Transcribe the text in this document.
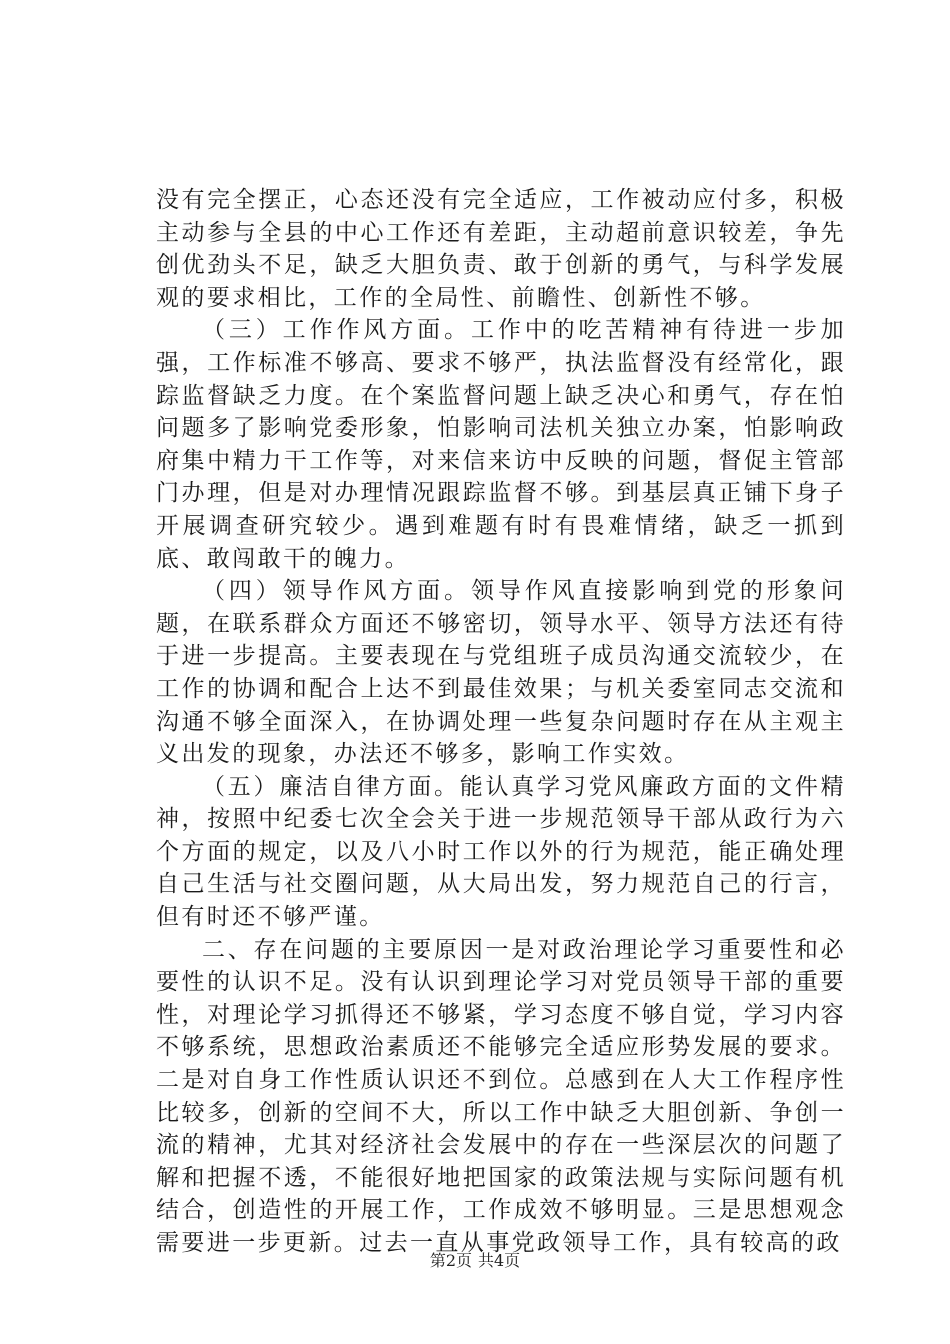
没有完全摆正，心态还没有完全适应，工作被动应付多，积极主动参与全县的中心工作还有差距，主动超前意识较差，争先创优劲头不足，缺乏大胆负责、敢于创新的勇气，与科学发展观的要求相比，工作的全局性、前瞻性、创新性不够。

（三）工作作风方面。工作中的吃苦精神有待进一步加强，工作标准不够高、要求不够严，执法监督没有经常化，跟踪监督缺乏力度。在个案监督问题上缺乏决心和勇气，存在怕问题多了影响党委形象，怕影响司法机关独立办案，怕影响政府集中精力干工作等，对来信来访中反映的问题，督促主管部门办理，但是对办理情况跟踪监督不够。到基层真正铺下身子开展调查研究较少。遇到难题有时有畏难情绪，缺乏一抓到底、敢闯敢干的魄力。

（四）领导作风方面。领导作风直接影响到党的形象问题，在联系群众方面还不够密切，领导水平、领导方法还有待于进一步提高。主要表现在与党组班子成员沟通交流较少，在工作的协调和配合上达不到最佳效果；与机关委室同志交流和沟通不够全面深入，在协调处理一些复杂问题时存在从主观主义出发的现象，办法还不够多，影响工作实效。

（五）廉洁自律方面。能认真学习党风廉政方面的文件精神，按照中纪委七次全会关于进一步规范领导干部从政行为六个方面的规定，以及八小时工作以外的行为规范，能正确处理自己生活与社交圈问题，从大局出发，努力规范自己的行言，但有时还不够严谨。

二、存在问题的主要原因一是对政治理论学习重要性和必要性的认识不足。没有认识到理论学习对党员领导干部的重要性，对理论学习抓得还不够紧，学习态度不够自觉，学习内容不够系统，思想政治素质还不能够完全适应形势发展的要求。二是对自身工作性质认识还不到位。总感到在人大工作程序性比较多，创新的空间不大，所以工作中缺乏大胆创新、争创一流的精神，尤其对经济社会发展中的存在一些深层次的问题了解和把握不透，不能很好地把国家的政策法规与实际问题有机结合，创造性的开展工作，工作成效不够明显。三是思想观念需要进一步更新。过去一直从事党政领导工作，具有较高的政

第2页 共4页
